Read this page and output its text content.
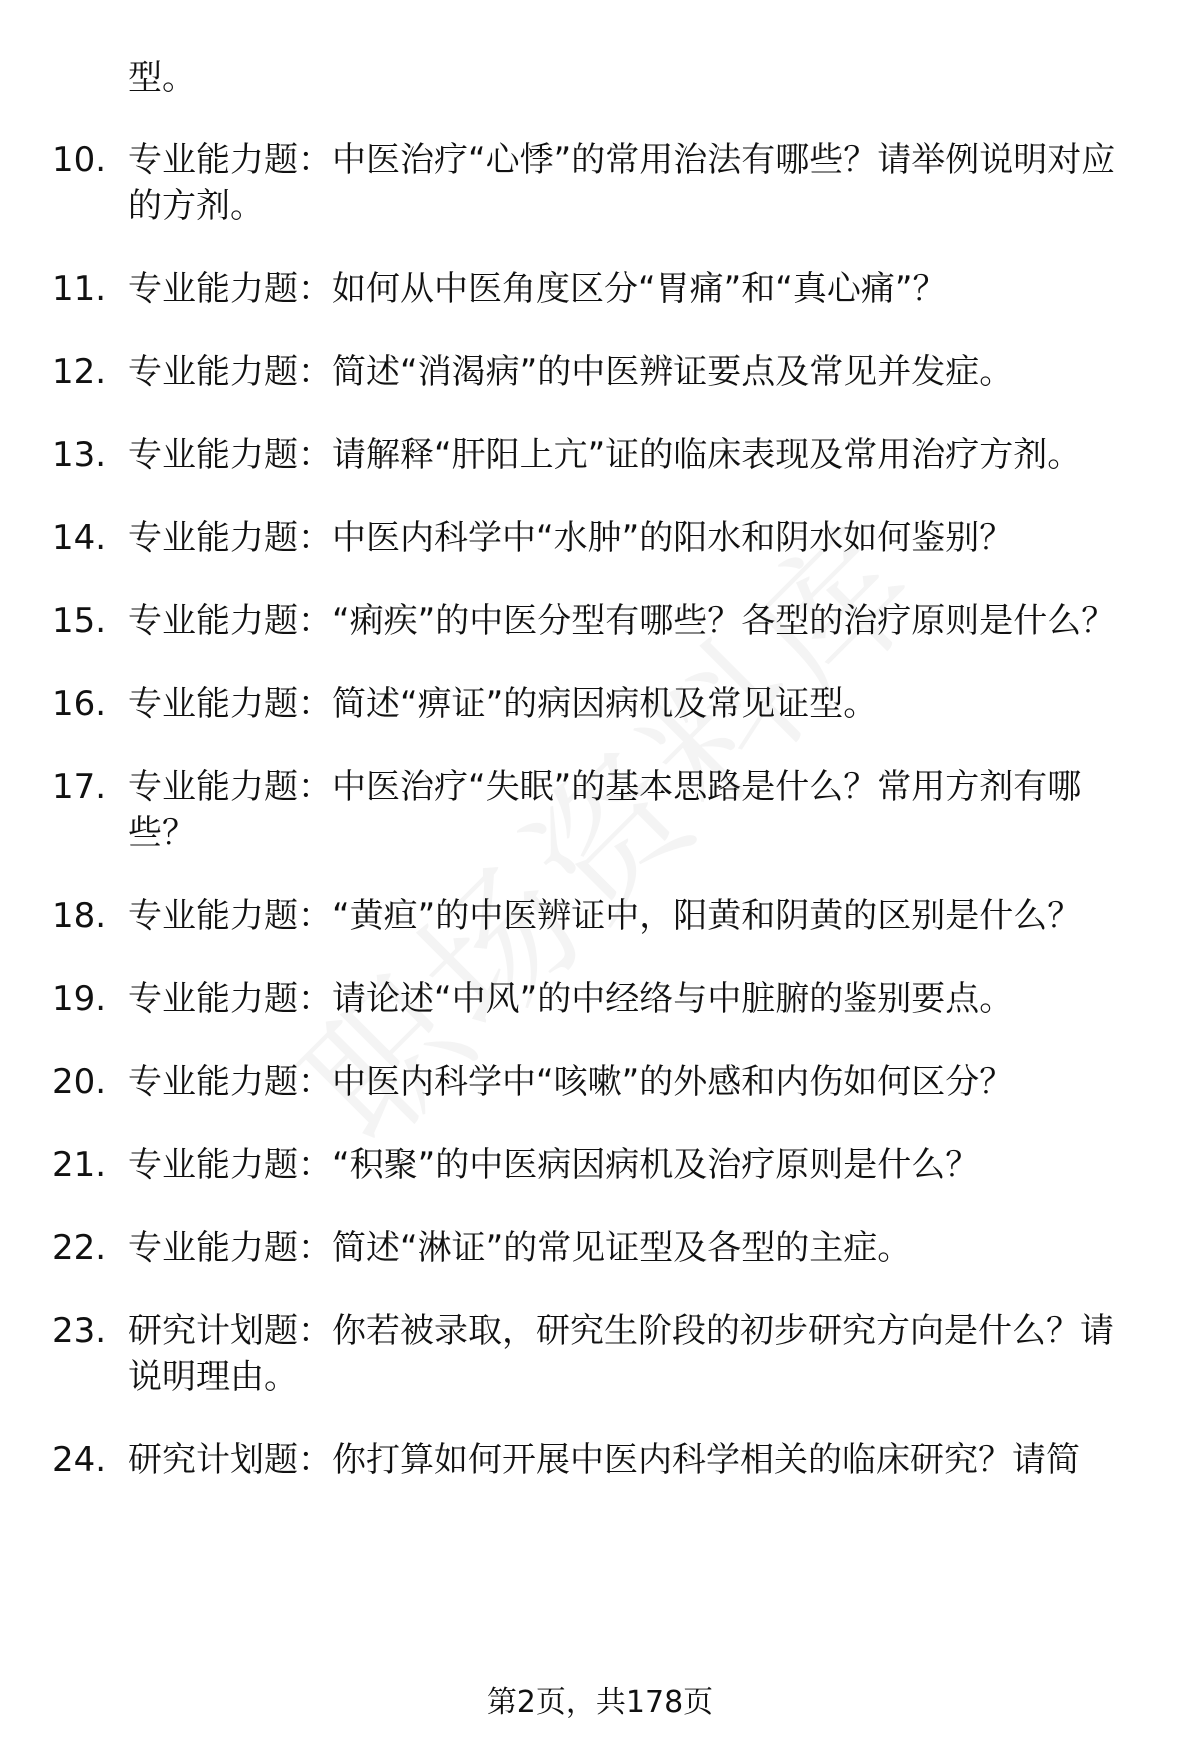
型。
10. 专业能力题：中医治疗“心悸”的常用治法有哪些？请举例说明对应的方剂。
11. 专业能力题：如何从中医角度区分“胃痛”和“真心痛”？
12. 专业能力题：简述“消渴病”的中医辨证要点及常见并发症。
13. 专业能力题：请解释“肝阳上亢”证的临床表现及常用治疗方剂。
14. 专业能力题：中医内科学中“水肿”的阳水和阴水如何鉴别？
15. 专业能力题：“痢疾”的中医分型有哪些？各型的治疗原则是什么？
16. 专业能力题：简述“痹证”的病因病机及常见证型。
17. 专业能力题：中医治疗“失眠”的基本思路是什么？常用方剂有哪些？
18. 专业能力题：“黄疸”的中医辨证中，阳黄和阴黄的区别是什么？
19. 专业能力题：请论述“中风”的中经络与中脏腑的鉴别要点。
20. 专业能力题：中医内科学中“咳嗽”的外感和内伤如何区分？
21. 专业能力题：“积聚”的中医病因病机及治疗原则是什么？
22. 专业能力题：简述“淋证”的常见证型及各型的主症。
23. 研究计划题：你若被录取，研究生阶段的初步研究方向是什么？请说明理由。
24. 研究计划题：你打算如何开展中医内科学相关的临床研究？请简
第2页，共178页
